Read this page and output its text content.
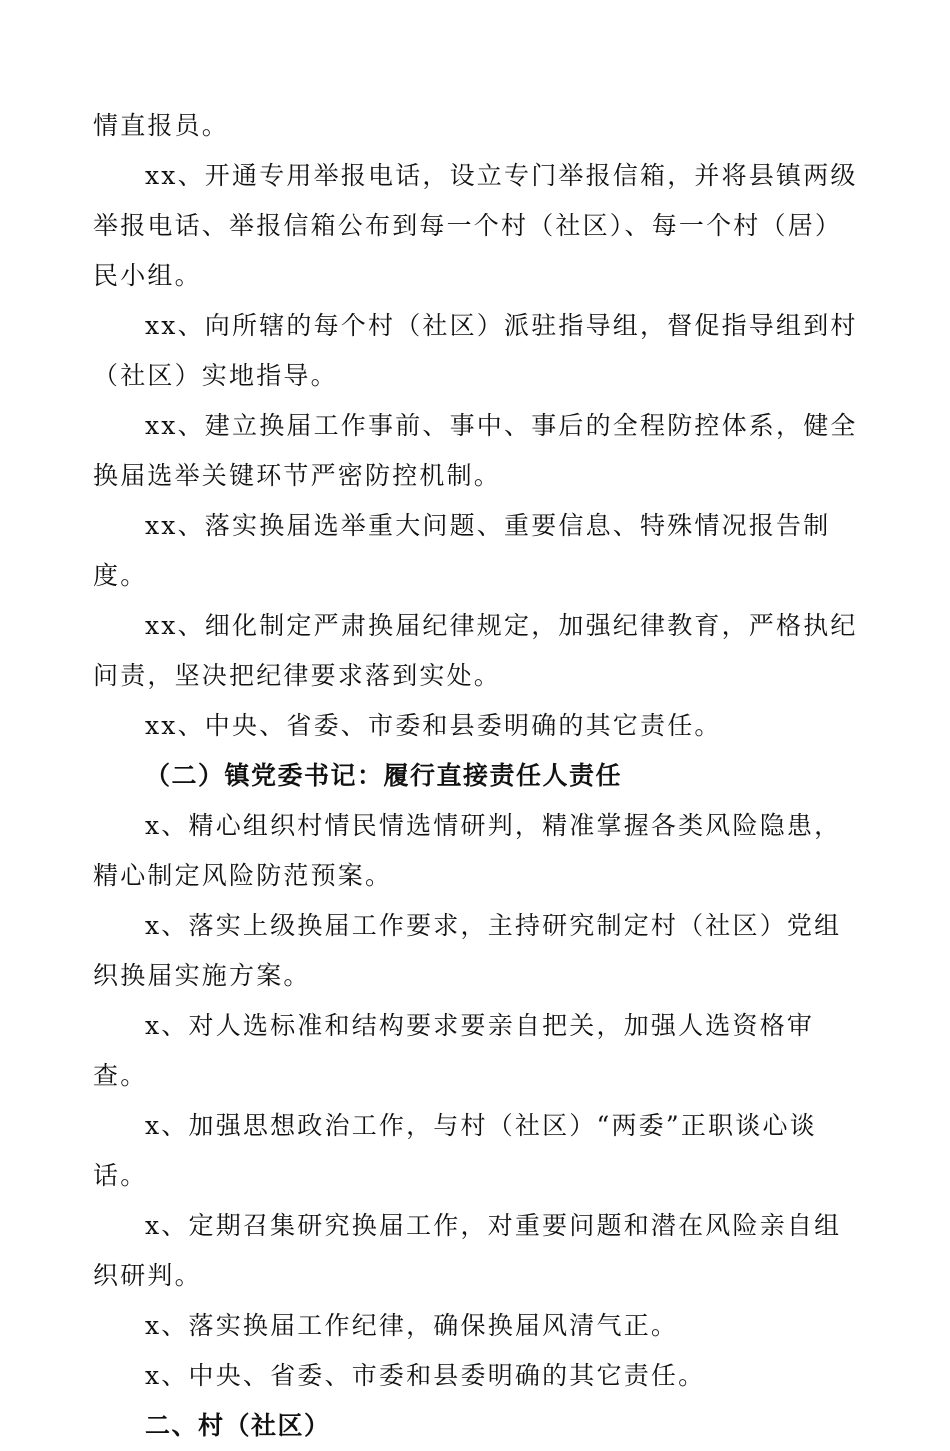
情直报员。

xx、开通专用举报电话，设立专门举报信箱，并将县镇两级举报电话、举报信箱公布到每一个村（社区）、每一个村（居）民小组。

xx、向所辖的每个村（社区）派驻指导组，督促指导组到村（社区）实地指导。

xx、建立换届工作事前、事中、事后的全程防控体系，健全换届选举关键环节严密防控机制。

xx、落实换届选举重大问题、重要信息、特殊情况报告制度。

xx、细化制定严肃换届纪律规定，加强纪律教育，严格执纪问责，坚决把纪律要求落到实处。

xx、中央、省委、市委和县委明确的其它责任。

（二）镇党委书记：履行直接责任人责任

x、精心组织村情民情选情研判，精准掌握各类风险隐患，精心制定风险防范预案。

x、落实上级换届工作要求，主持研究制定村（社区）党组织换届实施方案。

x、对人选标准和结构要求要亲自把关，加强人选资格审查。

x、加强思想政治工作，与村（社区）“两委”正职谈心谈话。

x、定期召集研究换届工作，对重要问题和潜在风险亲自组织研判。

x、落实换届工作纪律，确保换届风清气正。

x、中央、省委、市委和县委明确的其它责任。

二、村（社区）
